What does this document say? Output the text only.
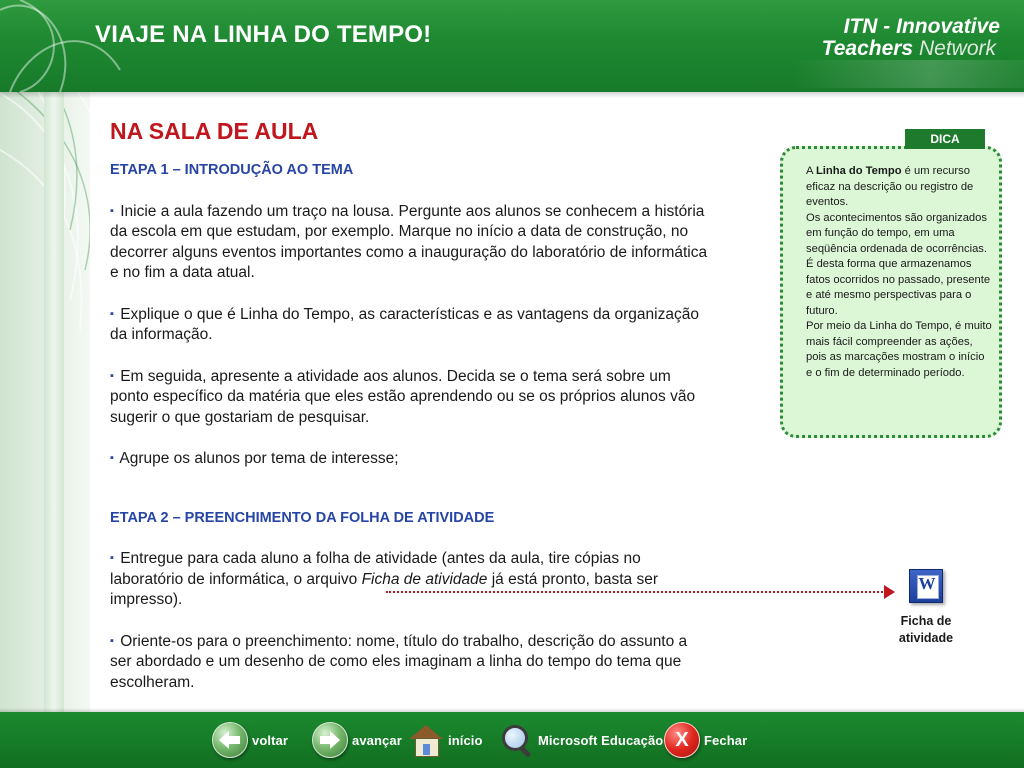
VIAJE NA LINHA DO TEMPO!	ITN - Innovative
Teachers Network
NA SALA DE AULA
ETAPA 1 – INTRODUÇÃO AO TEMA
▪ Inicie a aula fazendo um traço na lousa. Pergunte aos alunos se conhecem a história da escola em que estudam, por exemplo. Marque no início a data de construção, no decorrer alguns eventos importantes como a inauguração do laboratório de informática e no fim a data atual.
▪ Explique o que é Linha do Tempo, as características e as vantagens da organização da informação.
▪ Em seguida, apresente a atividade aos alunos. Decida se o tema será sobre um ponto específico da matéria que eles estão aprendendo ou se os próprios alunos vão sugerir o que gostariam de pesquisar.
▪ Agrupe os alunos por tema de interesse;
ETAPA 2 – PREENCHIMENTO DA FOLHA DE ATIVIDADE
▪ Entregue para cada aluno a folha de atividade (antes da aula, tire cópias no laboratório de informática, o arquivo Ficha de atividade já está pronto, basta ser impresso).
▪ Oriente-os para o preenchimento: nome, título do trabalho, descrição do assunto a ser abordado e um desenho de como eles imaginam a linha do tempo do tema que escolheram.
DICA

A Linha do Tempo é um recurso eficaz na descrição ou registro de eventos.

Os acontecimentos são organizados em função do tempo, em uma seqüência ordenada de ocorrências.

É desta forma que armazenamos fatos ocorridos no passado, presente e até mesmo perspectivas para o futuro.

Por meio da Linha do Tempo, é muito mais fácil compreender as ações, pois as marcações mostram o início e o fim de determinado período.

W
Ficha de atividade
voltar	avançar	início	Microsoft Educação X	Fechar
